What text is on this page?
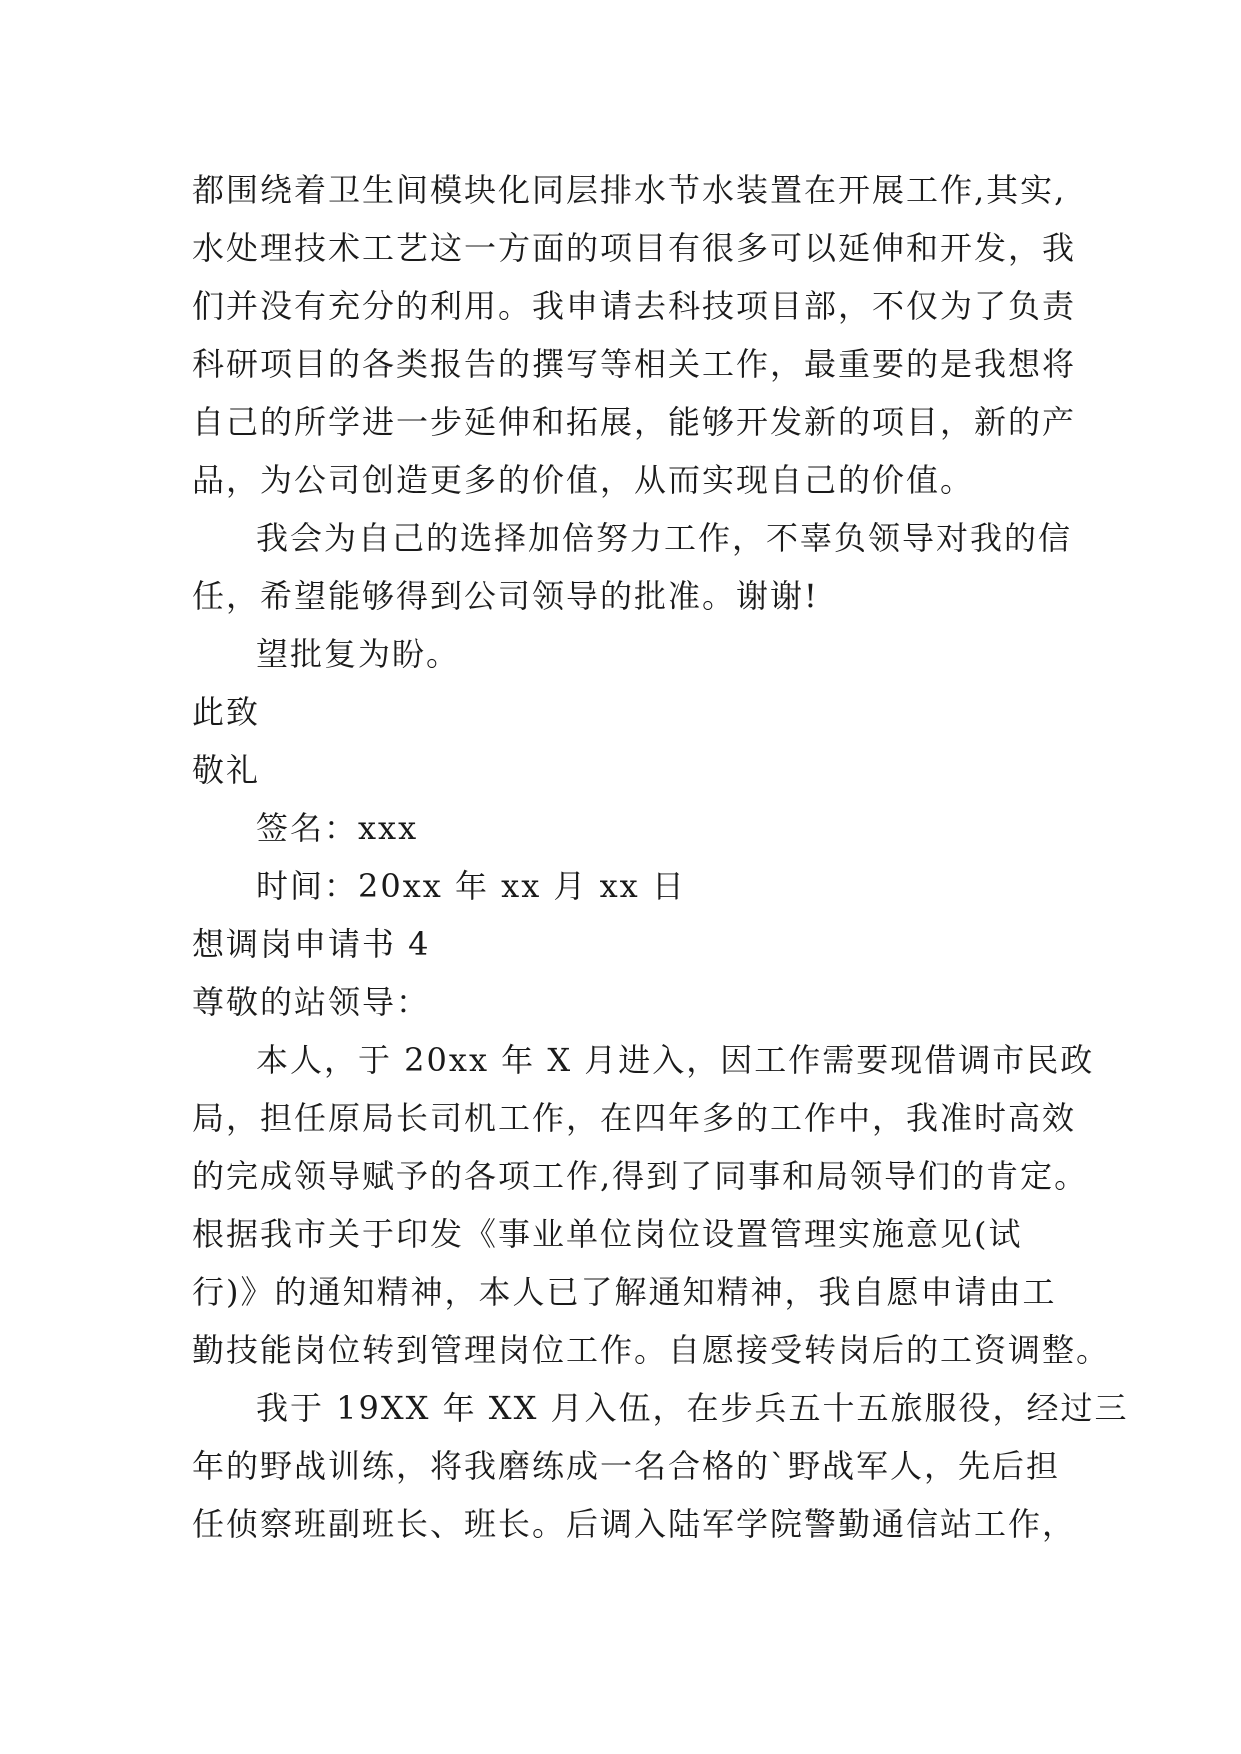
都围绕着卫生间模块化同层排水节水装置在开展工作,其实,
水处理技术工艺这一方面的项目有很多可以延伸和开发，我
们并没有充分的利用。我申请去科技项目部，不仅为了负责
科研项目的各类报告的撰写等相关工作，最重要的是我想将
自己的所学进一步延伸和拓展，能够开发新的项目，新的产
品，为公司创造更多的价值，从而实现自己的价值。
我会为自己的选择加倍努力工作，不辜负领导对我的信
任，希望能够得到公司领导的批准。谢谢!
望批复为盼。
此致
敬礼
签名：xxx
时间：20xx 年 xx 月 xx 日
想调岗申请书 4
尊敬的站领导：
本人，于 20xx 年 X 月进入，因工作需要现借调市民政
局，担任原局长司机工作，在四年多的工作中，我准时高效
的完成领导赋予的各项工作,得到了同事和局领导们的肯定。
根据我市关于印发《事业单位岗位设置管理实施意见(试
行)》的通知精神，本人已了解通知精神，我自愿申请由工
勤技能岗位转到管理岗位工作。自愿接受转岗后的工资调整。
我于 19XX 年 XX 月入伍，在步兵五十五旅服役，经过三
年的野战训练，将我磨练成一名合格的`野战军人，先后担
任侦察班副班长、班长。后调入陆军学院警勤通信站工作，
